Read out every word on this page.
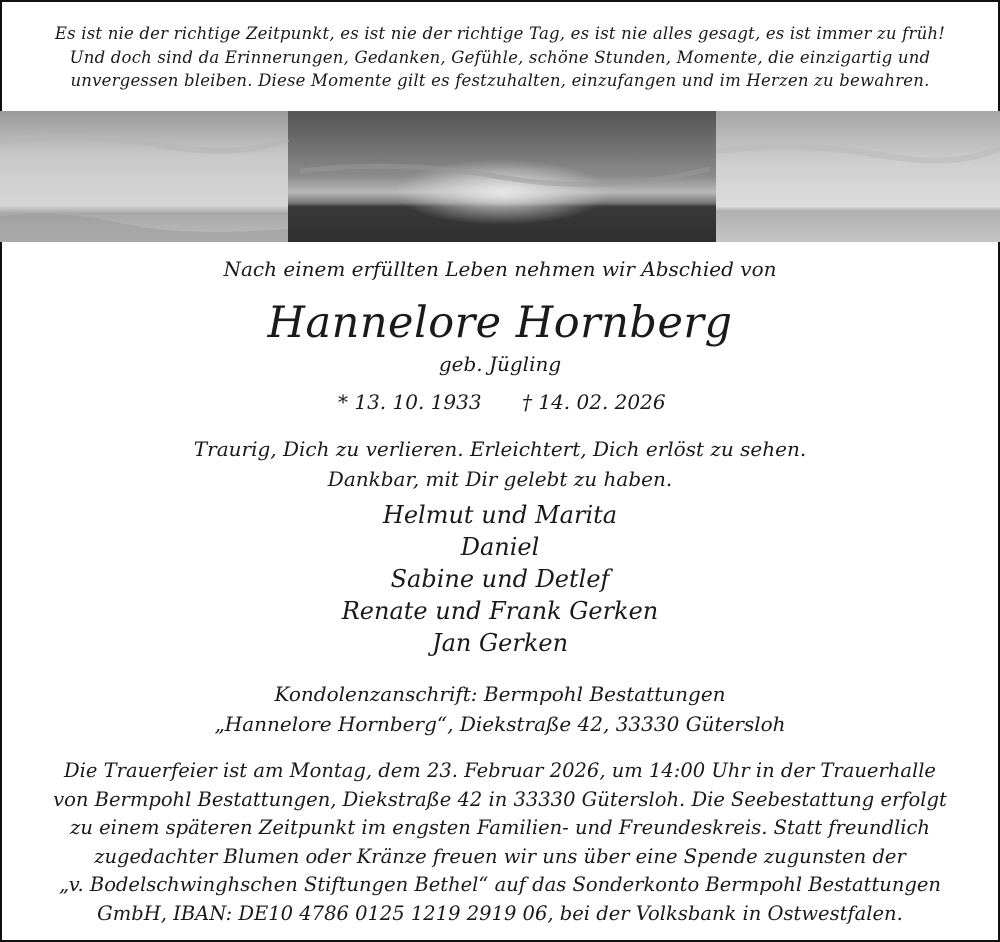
Es ist nie der richtige Zeitpunkt, es ist nie der richtige Tag, es ist nie alles gesagt, es ist immer zu früh!
Und doch sind da Erinnerungen, Gedanken, Gefühle, schöne Stunden, Momente, die einzigartig und
unvergessen bleiben. Diese Momente gilt es festzuhalten, einzufangen und im Herzen zu bewahren.
Nach einem erfüllten Leben nehmen wir Abschied von
Hannelore Hornberg
geb. Jügling
* 13. 10. 1933 † 14. 02. 2026
Traurig, Dich zu verlieren. Erleichtert, Dich erlöst zu sehen.
Dankbar, mit Dir gelebt zu haben.
Helmut und Marita
Daniel
Sabine und Detlef
Renate und Frank Gerken
Jan Gerken
Kondolenzanschrift: Bermpohl Bestattungen
„Hannelore Hornberg“, Diekstraße 42, 33330 Gütersloh
Die Trauerfeier ist am Montag, dem 23. Februar 2026, um 14:00 Uhr in der Trauerhalle
von Bermpohl Bestattungen, Diekstraße 42 in 33330 Gütersloh. Die Seebestattung erfolgt
zu einem späteren Zeitpunkt im engsten Familien- und Freundeskreis. Statt freundlich
zugedachter Blumen oder Kränze freuen wir uns über eine Spende zugunsten der
„v. Bodelschwinghschen Stiftungen Bethel“ auf das Sonderkonto Bermpohl Bestattungen
GmbH, IBAN: DE10 4786 0125 1219 2919 06, bei der Volksbank in Ostwestfalen.
